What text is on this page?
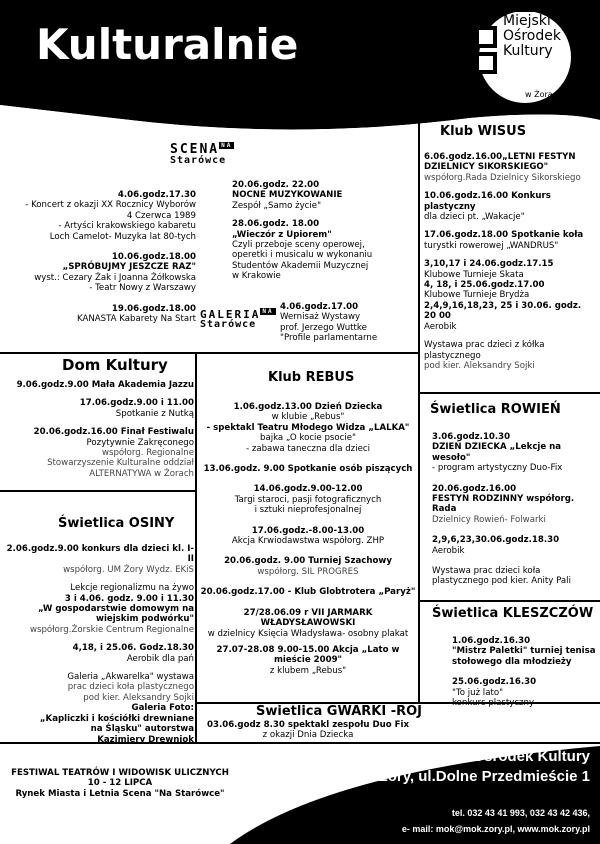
Kulturalnie
czerwiec 2009
Miejski
Ośrodek
Kultury
w Żorach
SCENA $^{NA}$
Starówce
4.06.godz.17.30
- Koncert z okazji XX Rocznicy Wyborów
4 Czerwca 1989
- Artyści krakowskiego kabaretu
Loch Camelot- Muzyka lat 80-tych
10.06.godz.18.00
„SPRÓBUJMY JESZCZE RAZ"
wyst.: Cezary Żak i Joanna Żółkowska
- Teatr Nowy z Warszawy
19.06.godz.18.00
KANASTA Kabarety Na Start
20.06.godz. 22.00
NOCNE MUZYKOWANIE
Zespół „Samo życie"
28.06.godz. 18.00
„Wieczór z Upiorem"
Czyli przeboje sceny operowej,
operetki i musicalu w wykonaniu
Studentów Akademii Muzycznej
w Krakowie
GALERIA $^{NA}$
Starówce
4.06.godz.17.00
Wernisaż Wystawy
prof. Jerzego Wuttke
"Profile parlamentarne
Klub WISUS
6.06.godz.16.00„LETNI FESTYN
DZIELNICY SIKORSKIEGO"
współorg.Rada Dzielnicy Sikorskiego
10.06.godz.16.00 Konkurs plastyczny
dla dzieci pt. „Wakacje"
17.06.godz.18.00 Spotkanie koła
turystki rowerowej „WANDRUS"
3,10,17 i 24.06.godz.17.15
Klubowe Turnieje Skata
4, 18, i 25.06.godz.17.00
Klubowe Turnieje Brydża
2,4,9,16,18,23, 25 i 30.06. godz. 20 00
Aerobik
Wystawa prac dzieci z kółka
plastycznego
pod kier. Aleksandry Sojki
Dom Kultury
9.06.godz.9.00 Mała Akademia Jazzu
17.06.godz.9.00 i 11.00
Spotkanie z Nutką
20.06.godz.16.00 Finał Festiwalu
Pozytywnie Zakręconego
współorg. Regionalne
Stowarzyszenie Kulturalne oddział
ALTERNATYWA w Żorach
Świetlica OSINY
2.06.godz.9.00 konkurs dla dzieci kl. I-II
współorg. UM Żory Wydz. EKiS
Lekcje regionalizmu na żywo
3 i 4.06. godz. 9.00 i 11.30
„W gospodarstwie domowym na
wiejskim podwórku"
współorg.Żorskie Centrum Regionalne
4,18, i 25.06. Godz.18.30
Aerobik dla pań
Galeria „Akwarelka" wystawa
prac dzieci koła plastycznego
pod kier. Aleksandry Sojki
Galeria Foto:
„Kapliczki i kościółki drewniane
na Śląsku" autorstwa
Kazimiery Drewniok
Klub REBUS
1.06.godz.13.00 Dzień Dziecka
w klubie „Rebus"
- spektakl Teatru Młodego Widza „LALKA"
bajka „O kocie psocie"
- zabawa taneczna dla dzieci
13.06.godz. 9.00 Spotkanie osób piszących
14.06.godz.9.00-12.00
Targi staroci, pasji fotograficznych
i sztuki nieprofesjonalnej
17.06.godz.-8.00-13.00
Akcja Krwiodawstwa współorg. ZHP
20.06.godz. 9.00 Turniej Szachowy
współorg. SIL PROGRES
20.06.godz.17.00 - Klub Globtrotera „Paryż"
27/28.06.09 r VII JARMARK WŁADYSŁAWOWSKI
w dzielnicy Księcia Władysława- osobny plakat
27.07-28.08 9.00-15.00 Akcja „Lato w mieście 2009"
z klubem „Rebus"
Świetlica ROWIEŃ
3.06.godz.10.30
DZIEŃ DZIECKA „Lekcje na wesoło"
- program artystyczny Duo-Fix
20.06.godz.16.00
FESTYN RODZINNY współorg. Rada
Dzielnicy Rowień- Folwarki
2,9,6,23,30.06.godz.18.30
Aerobik
Wystawa prac dzieci koła
plastycznego pod kier. Anity Pali
Świetlica KLESZCZÓW
1.06.godz.16.30
"Mistrz Paletki" turniej tenisa
stołowego dla młodzieży
25.06.godz.16.30
"To już lato"
konkurs plastyczny
Świetlica GWARKI -RÓJ
03.06.godz 8.30 spektakl zespołu Duo Fix
z okazji Dnia Dziecka
FESTIWAL TEATRÓW I WIDOWISK ULICZNYCH
10 - 12 LIPCA
Rynek Miasta i Letnia Scena "Na Starówce"
Miejski Ośrodek Kultury
Żory, ul.Dolne Przedmieście 1
tel. 032 43 41 993, 032 43 42 436,
e- mail: mok@mok.zory.pl, www.mok.zory.pl
